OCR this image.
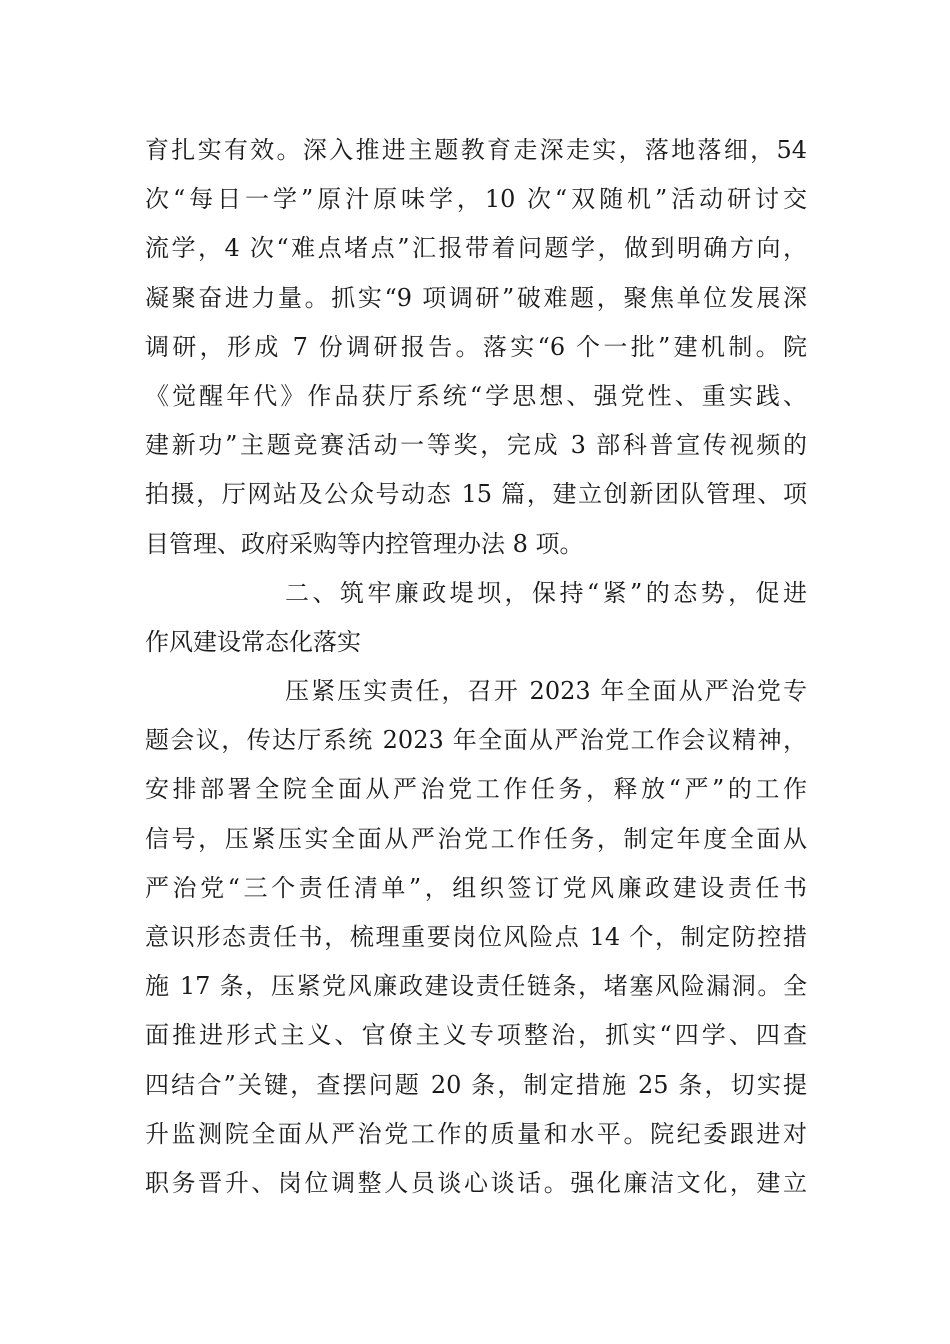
育扎实有效。深入推进主题教育走深走实，落地落细，54
次“每日一学”原汁原味学，10 次“双随机”活动研讨交
流学，4 次“难点堵点”汇报带着问题学，做到明确方向，
凝聚奋进力量。抓实“9 项调研”破难题，聚焦单位发展深
调研，形成 7 份调研报告。落实“6 个一批”建机制。院
《觉醒年代》作品获厅系统“学思想、强党性、重实践、
建新功”主题竞赛活动一等奖，完成 3 部科普宣传视频的
拍摄，厅网站及公众号动态 15 篇，建立创新团队管理、项
目管理、政府采购等内控管理办法 8 项。
二、筑牢廉政堤坝，保持“紧”的态势，促进
作风建设常态化落实
压紧压实责任，召开 2023 年全面从严治党专
题会议，传达厅系统 2023 年全面从严治党工作会议精神，
安排部署全院全面从严治党工作任务，释放“严”的工作
信号，压紧压实全面从严治党工作任务，制定年度全面从
严治党“三个责任清单”，组织签订党风廉政建设责任书
意识形态责任书，梳理重要岗位风险点 14 个，制定防控措
施 17 条，压紧党风廉政建设责任链条，堵塞风险漏洞。全
面推进形式主义、官僚主义专项整治，抓实“四学、四查
四结合”关键，查摆问题 20 条，制定措施 25 条，切实提
升监测院全面从严治党工作的质量和水平。院纪委跟进对
职务晋升、岗位调整人员谈心谈话。强化廉洁文化，建立
